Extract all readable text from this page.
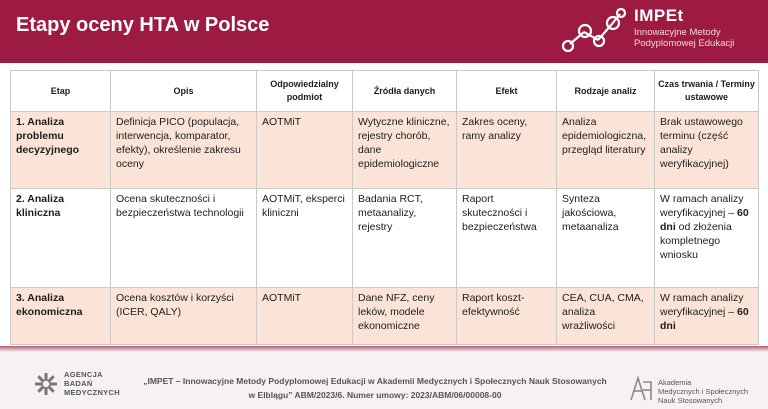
Etapy oceny HTA w Polsce	IMPEt
Innowacyjne Metody
Podyplomowej Edukacji
Etap	Opis	Odpowiedzialny podmiot	Źródła danych	Efekt	Rodzaje analiz	Czas trwania / Terminy ustawowe
1. Analiza problemu decyzyjnego	Definicja PICO (populacja, interwencja, komparator, efekty), określenie zakresu oceny	AOTMiT	Wytyczne kliniczne, rejestry chorób, dane epidemiologiczne	Zakres oceny, ramy analizy	Analiza epidemiologiczna, przegląd literatury	Brak ustawowego terminu (część analizy weryfikacyjnej)
2. Analiza kliniczna	Ocena skuteczności i bezpieczeństwa technologii	AOTMiT, eksperci kliniczni	Badania RCT, metaanalizy, rejestry	Raport skuteczności i bezpieczeństwa	Synteza jakościowa, metaanaliza	W ramach analizy weryfikacyjnej – 60 dni od złożenia kompletnego wniosku
3. Analiza ekonomiczna	Ocena kosztów i korzyści (ICER, QALY)	AOTMiT	Dane NFZ, ceny leków, modele ekonomiczne	Raport koszt-efektywność	CEA, CUA, CMA, analiza wrażliwości	W ramach analizy weryfikacyjnej – 60 dni
AGENCJA
BADAŃ
MEDYCZNYCH
„IMPET – Innowacyjne Metody Podyplomowej Edukacji w Akademii Medycznych i Społecznych Nauk Stosowanych
w Elblągu” ABM/2023/6. Numer umowy: 2023/ABM/06/00008-00
Akademia
Medycznych i Społecznych
Nauk Stosowanych
